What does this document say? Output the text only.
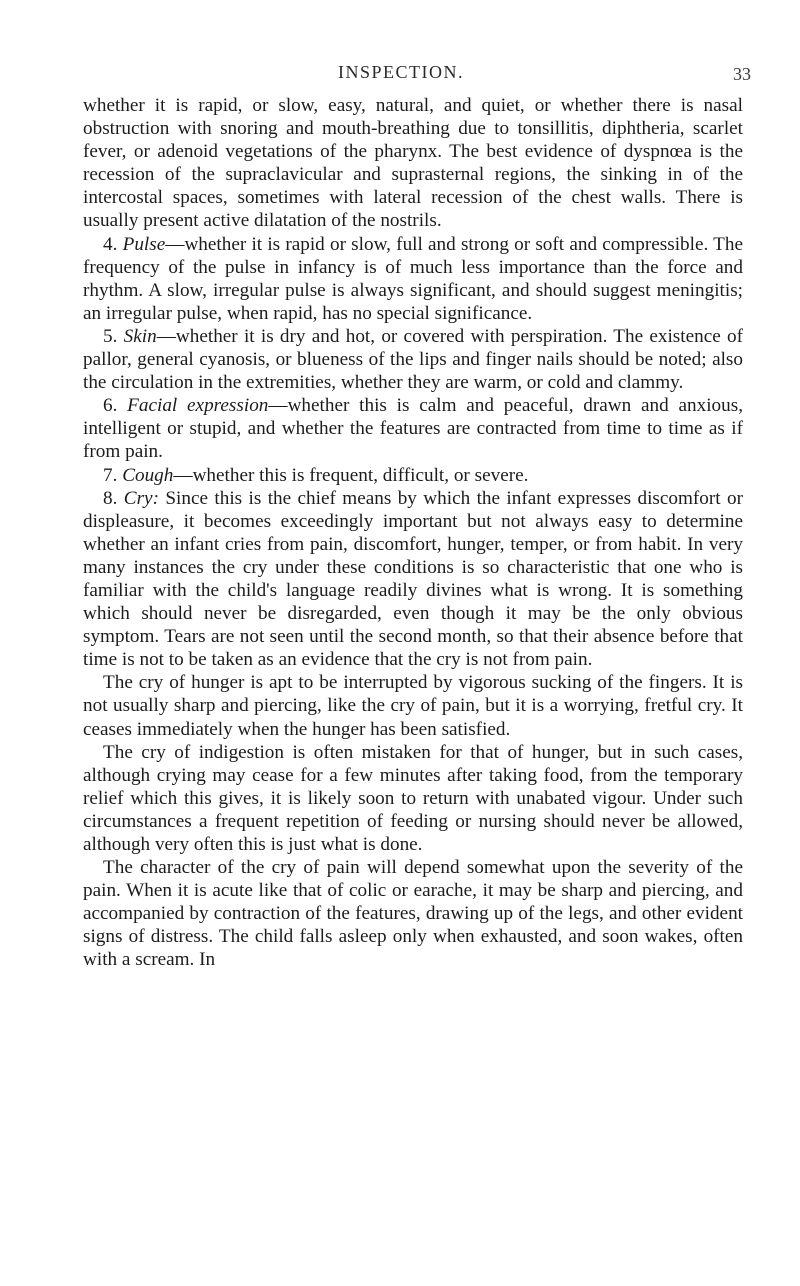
INSPECTION.	33

whether it is rapid, or slow, easy, natural, and quiet, or whether there is nasal obstruction with snoring and mouth-breathing due to tonsillitis, diphtheria, scarlet fever, or adenoid vegetations of the pharynx. The best evidence of dyspnœa is the recession of the supraclavicular and suprasternal regions, the sinking in of the intercostal spaces, sometimes with lateral recession of the chest walls. There is usually present active dilatation of the nostrils.

4. Pulse—whether it is rapid or slow, full and strong or soft and compressible. The frequency of the pulse in infancy is of much less importance than the force and rhythm. A slow, irregular pulse is always significant, and should suggest meningitis; an irregular pulse, when rapid, has no special significance.

5. Skin—whether it is dry and hot, or covered with perspiration. The existence of pallor, general cyanosis, or blueness of the lips and finger nails should be noted; also the circulation in the extremities, whether they are warm, or cold and clammy.

6. Facial expression—whether this is calm and peaceful, drawn and anxious, intelligent or stupid, and whether the features are contracted from time to time as if from pain.

7. Cough—whether this is frequent, difficult, or severe.

8. Cry: Since this is the chief means by which the infant expresses discomfort or displeasure, it becomes exceedingly important but not always easy to determine whether an infant cries from pain, discomfort, hunger, temper, or from habit. In very many instances the cry under these conditions is so characteristic that one who is familiar with the child's language readily divines what is wrong. It is something which should never be disregarded, even though it may be the only obvious symptom. Tears are not seen until the second month, so that their absence before that time is not to be taken as an evidence that the cry is not from pain.

The cry of hunger is apt to be interrupted by vigorous sucking of the fingers. It is not usually sharp and piercing, like the cry of pain, but it is a worrying, fretful cry. It ceases immediately when the hunger has been satisfied.

The cry of indigestion is often mistaken for that of hunger, but in such cases, although crying may cease for a few minutes after taking food, from the temporary relief which this gives, it is likely soon to return with unabated vigour. Under such circumstances a frequent repetition of feeding or nursing should never be allowed, although very often this is just what is done.

The character of the cry of pain will depend somewhat upon the severity of the pain. When it is acute like that of colic or earache, it may be sharp and piercing, and accompanied by contraction of the features, drawing up of the legs, and other evident signs of distress. The child falls asleep only when exhausted, and soon wakes, often with a scream. In
